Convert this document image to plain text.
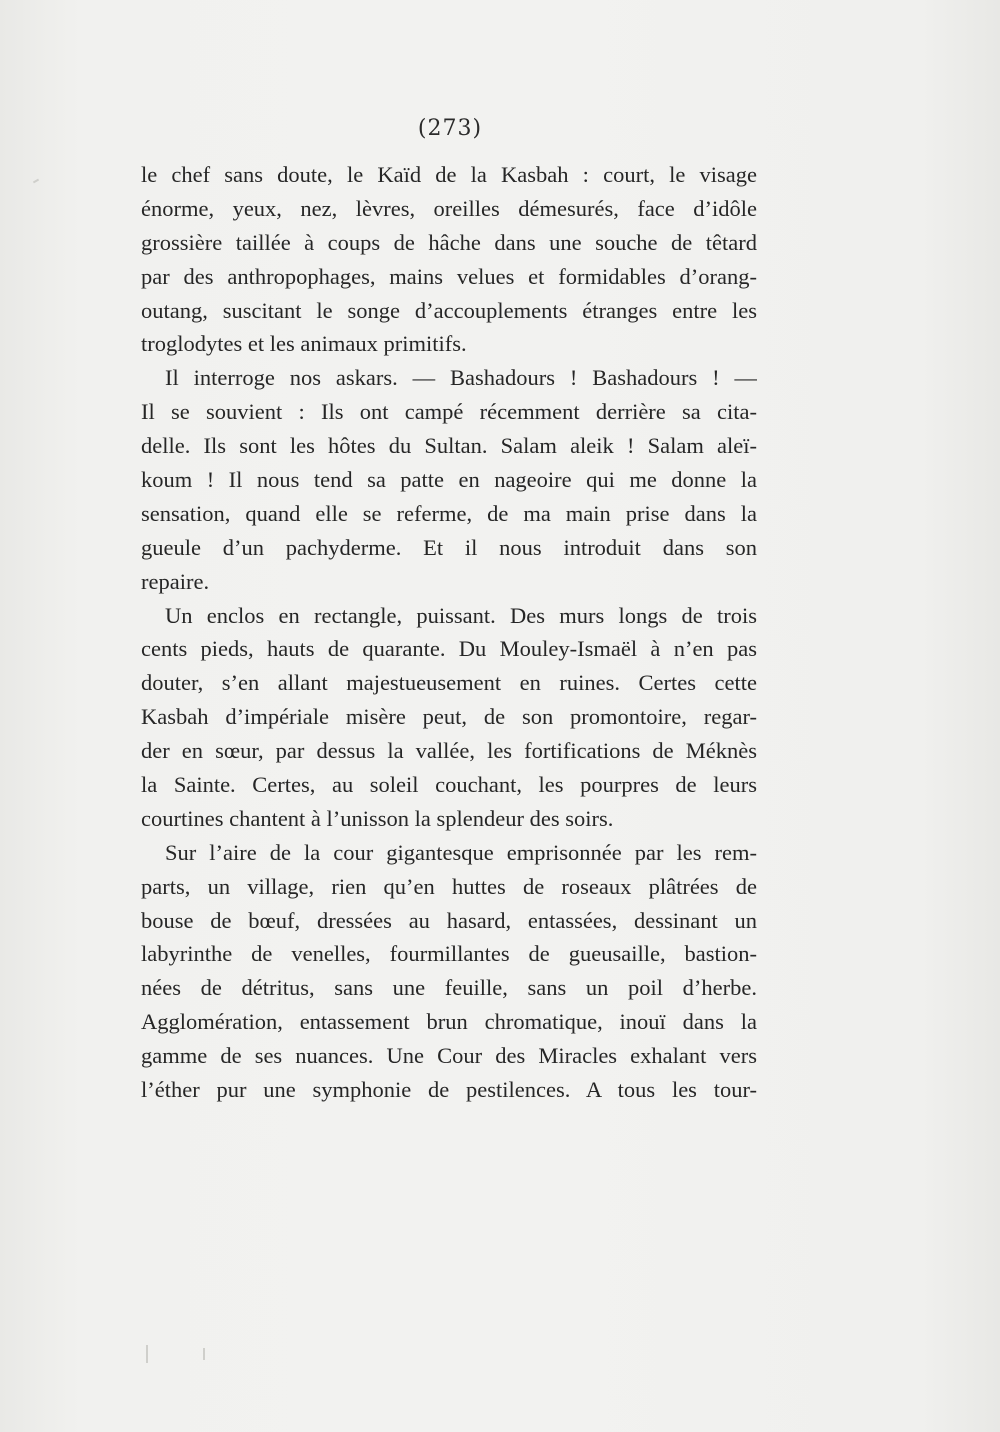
(273)
le chef sans doute, le Kaïd de la Kasbah : court, le visage
énorme, yeux, nez, lèvres, oreilles démesurés, face d’idôle
grossière taillée à coups de hâche dans une souche de têtard
par des anthropophages, mains velues et formidables d’orang-
outang, suscitant le songe d’accouplements étranges entre les
troglodytes et les animaux primitifs.
Il interroge nos askars. — Bashadours ! Bashadours ! —
Il se souvient : Ils ont campé récemment derrière sa cita-
delle. Ils sont les hôtes du Sultan. Salam aleik ! Salam aleï-
koum ! Il nous tend sa patte en nageoire qui me donne la
sensation, quand elle se referme, de ma main prise dans la
gueule d’un pachyderme. Et il nous introduit dans son
repaire.
Un enclos en rectangle, puissant. Des murs longs de trois
cents pieds, hauts de quarante. Du Mouley-Ismaël à n’en pas
douter, s’en allant majestueusement en ruines. Certes cette
Kasbah d’impériale misère peut, de son promontoire, regar-
der en sœur, par dessus la vallée, les fortifications de Méknès
la Sainte. Certes, au soleil couchant, les pourpres de leurs
courtines chantent à l’unisson la splendeur des soirs.
Sur l’aire de la cour gigantesque emprisonnée par les rem-
parts, un village, rien qu’en huttes de roseaux plâtrées de
bouse de bœuf, dressées au hasard, entassées, dessinant un
labyrinthe de venelles, fourmillantes de gueusaille, bastion-
nées de détritus, sans une feuille, sans un poil d’herbe.
Agglomération, entassement brun chromatique, inouï dans la
gamme de ses nuances. Une Cour des Miracles exhalant vers
l’éther pur une symphonie de pestilences. A tous les tour-
